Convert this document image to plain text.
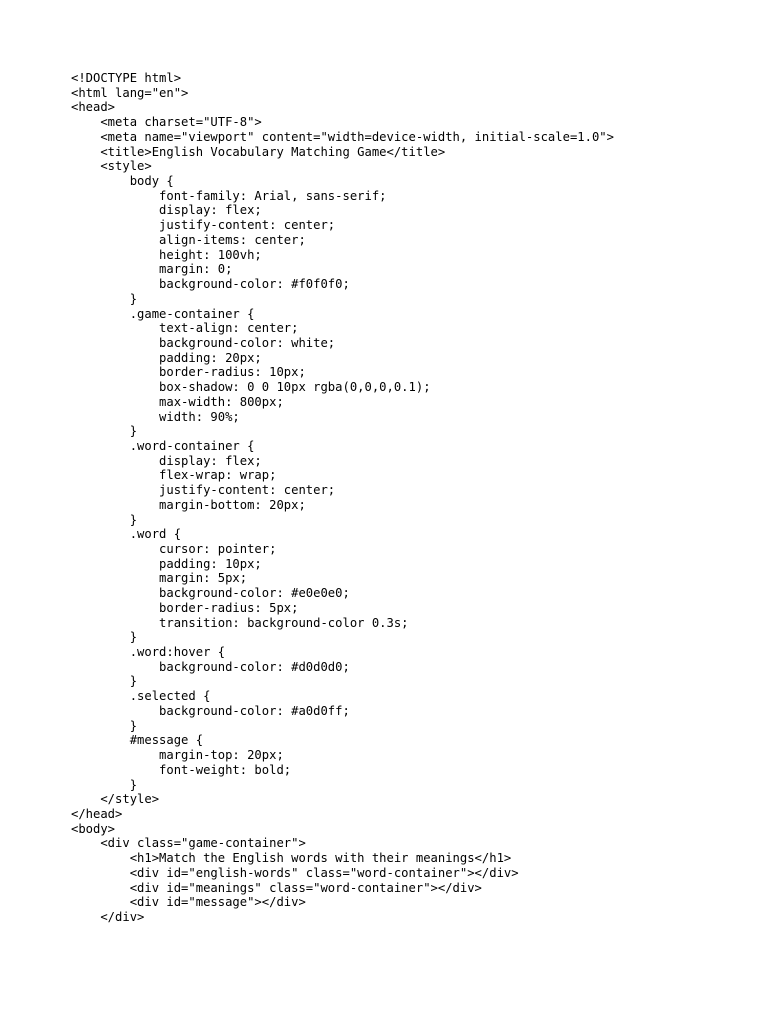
<!DOCTYPE html>
<html lang="en">
<head>
<meta charset="UTF-8">
<meta name="viewport" content="width=device-width, initial-scale=1.0">
<title>English Vocabulary Matching Game</title>
<style>
body {
font-family: Arial, sans-serif;
display: flex;
justify-content: center;
align-items: center;
height: 100vh;
margin: 0;
background-color: #f0f0f0;
}
.game-container {
text-align: center;
background-color: white;
padding: 20px;
border-radius: 10px;
box-shadow: 0 0 10px rgba(0,0,0,0.1);
max-width: 800px;
width: 90%;
}
.word-container {
display: flex;
flex-wrap: wrap;
justify-content: center;
margin-bottom: 20px;
}
.word {
cursor: pointer;
padding: 10px;
margin: 5px;
background-color: #e0e0e0;
border-radius: 5px;
transition: background-color 0.3s;
}
.word:hover {
background-color: #d0d0d0;
}
.selected {
background-color: #a0d0ff;
}
#message {
margin-top: 20px;
font-weight: bold;
}
</style>
</head>
<body>
<div class="game-container">
<h1>Match the English words with their meanings</h1>
<div id="english-words" class="word-container"></div>
<div id="meanings" class="word-container"></div>
<div id="message"></div>
</div>
